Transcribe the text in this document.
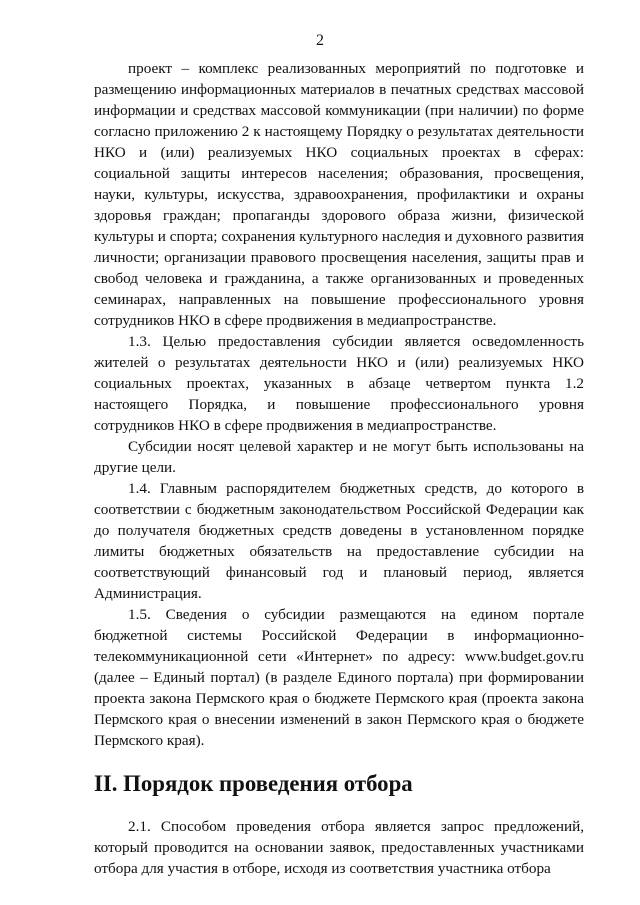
2

проект – комплекс реализованных мероприятий по подготовке и размещению информационных материалов в печатных средствах массовой информации и средствах массовой коммуникации (при наличии) по форме согласно приложению 2 к настоящему Порядку о результатах деятельности НКО и (или) реализуемых НКО социальных проектах в сферах: социальной защиты интересов населения; образования, просвещения, науки, культуры, искусства, здравоохранения, профилактики и охраны здоровья граждан; пропаганды здорового образа жизни, физической культуры и спорта; сохранения культурного наследия и духовного развития личности; организации правового просвещения населения, защиты прав и свобод человека и гражданина, а также организованных и проведенных семинарах, направленных на повышение профессионального уровня сотрудников НКО в сфере продвижения в медиапространстве.

1.3. Целью предоставления субсидии является осведомленность жителей о результатах деятельности НКО и (или) реализуемых НКО социальных проектах, указанных в абзаце четвертом пункта 1.2 настоящего Порядка, и повышение профессионального уровня сотрудников НКО в сфере продвижения в медиапространстве.

Субсидии носят целевой характер и не могут быть использованы на другие цели.

1.4. Главным распорядителем бюджетных средств, до которого в соответствии с бюджетным законодательством Российской Федерации как до получателя бюджетных средств доведены в установленном порядке лимиты бюджетных обязательств на предоставление субсидии на соответствующий финансовый год и плановый период, является Администрация.

1.5. Сведения о субсидии размещаются на едином портале бюджетной системы Российской Федерации в информационно-телекоммуникационной сети «Интернет» по адресу: www.budget.gov.ru (далее – Единый портал) (в разделе Единого портала) при формировании проекта закона Пермского края о бюджете Пермского края (проекта закона Пермского края о внесении изменений в закон Пермского края о бюджете Пермского края).

II. Порядок проведения отбора

2.1. Способом проведения отбора является запрос предложений, который проводится на основании заявок, предоставленных участниками отбора для участия в отборе, исходя из соответствия участника отбора
